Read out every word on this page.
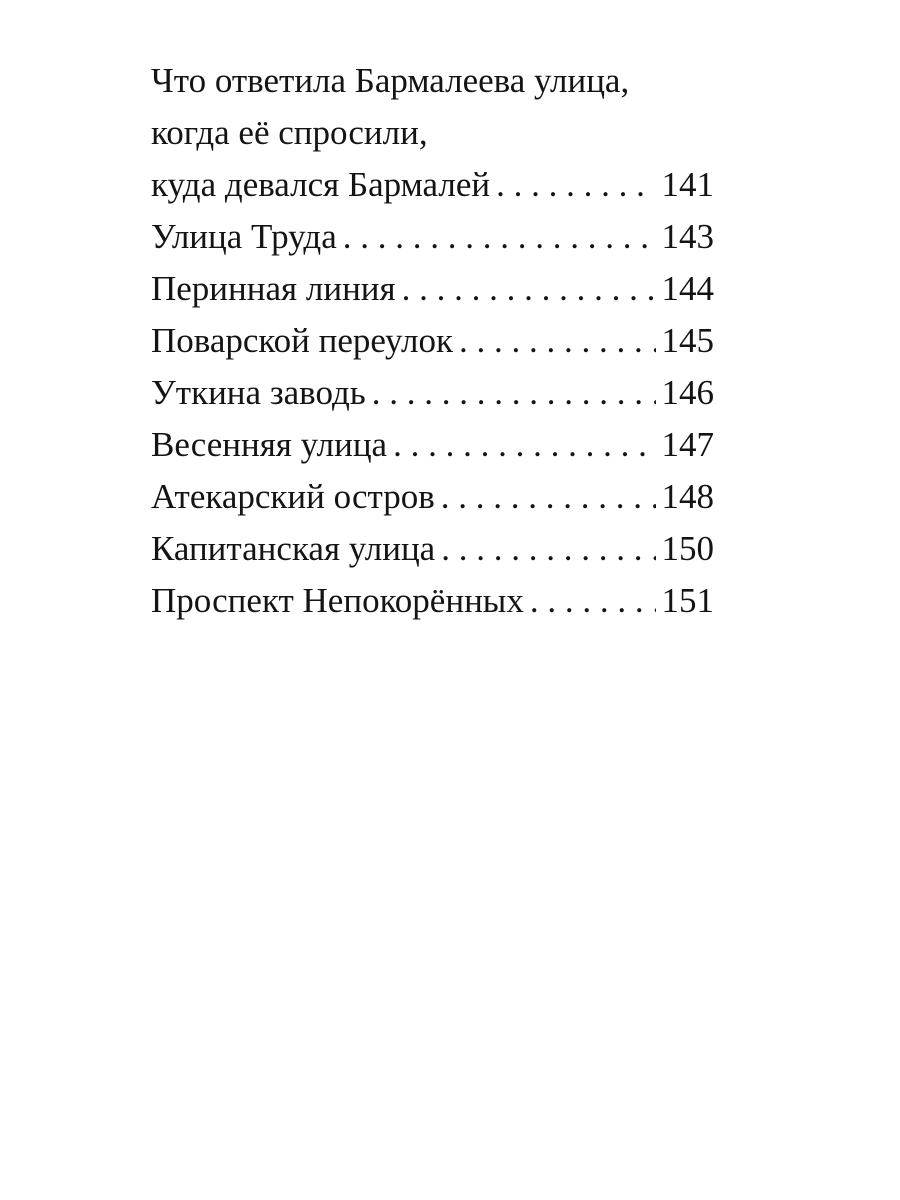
Что ответила Бармалеева улица,
когда её спросили,
куда девался Бармалей . . .	141
Улица Труда . . .	143
Перинная линия . . .	144
Поварской переулок . . .	145
Уткина заводь . . .	146
Весенняя улица . . .	147
Атекарский остров . . .	148
Капитанская улица . . .	150
Проспект Непокорённых . . .	151
